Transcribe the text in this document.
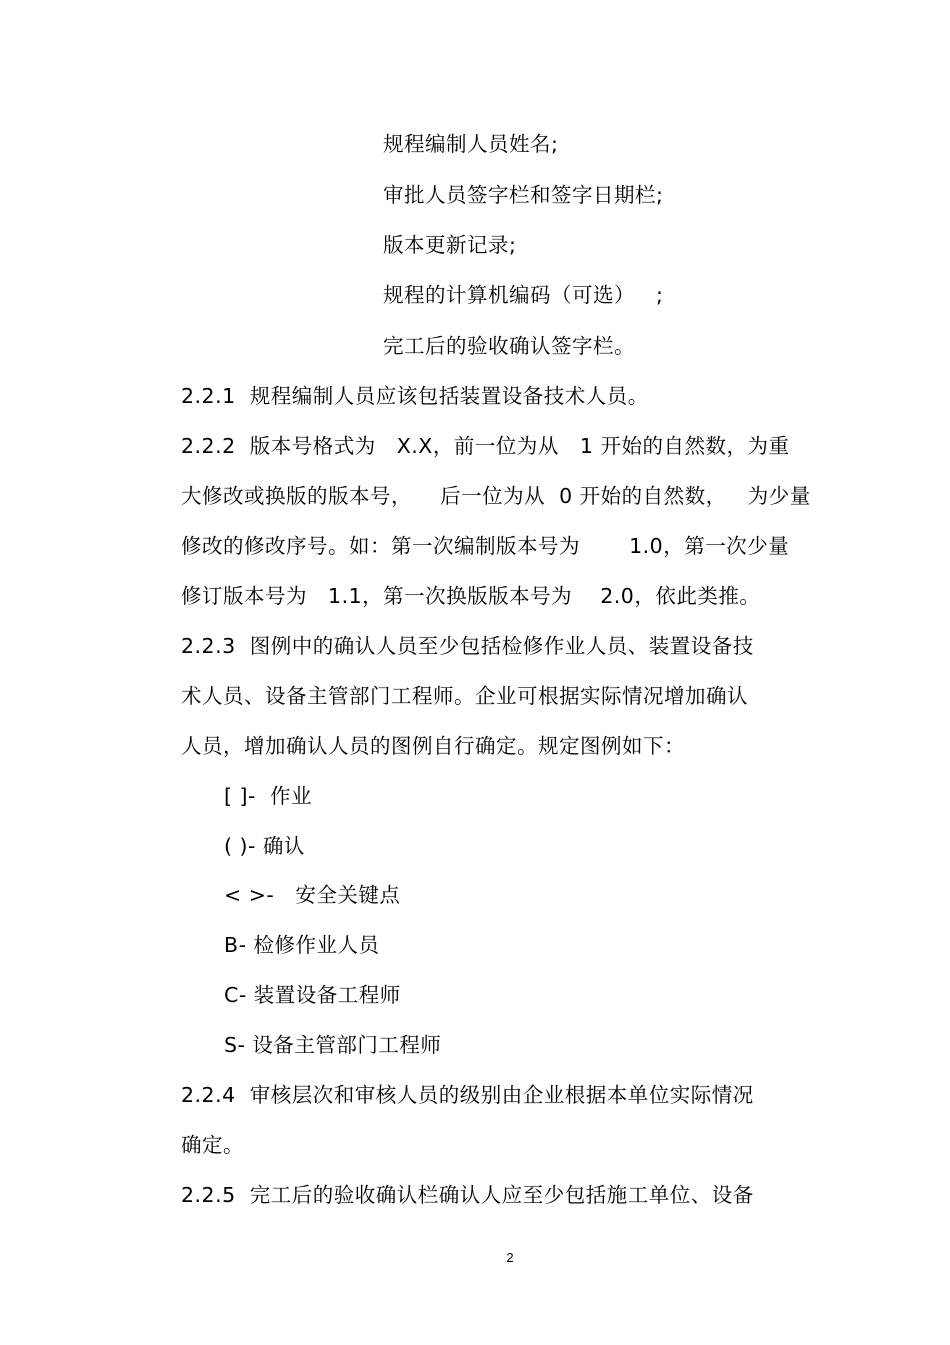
规程编制人员姓名;
审批人员签字栏和签字日期栏;
版本更新记录;
规程的计算机编码（可选）   ;
完工后的验收确认签字栏。
2.2.1  规程编制人员应该包括装置设备技术人员。
2.2.2  版本号格式为   X.X，前一位为从   1 开始的自然数，为重
大修改或换版的版本号，    后一位为从  0 开始的自然数，   为少量
修改的修改序号。如：第一次编制版本号为       1.0，第一次少量
修订版本号为   1.1，第一次换版版本号为    2.0，依此类推。
2.2.3  图例中的确认人员至少包括检修作业人员、装置设备技
术人员、设备主管部门工程师。企业可根据实际情况增加确认
人员，增加确认人员的图例自行确定。规定图例如下：
[ ]-  作业
( )- 确认
< >-   安全关键点
B- 检修作业人员
C- 装置设备工程师
S- 设备主管部门工程师
2.2.4  审核层次和审核人员的级别由企业根据本单位实际情况
确定。
2.2.5  完工后的验收确认栏确认人应至少包括施工单位、设备
2
